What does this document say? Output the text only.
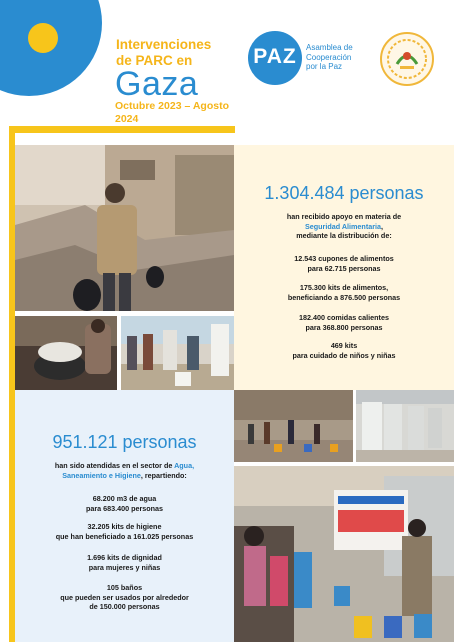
Intervenciones
de PARC en
Gaza
Octubre 2023 – Agosto 2024
PAZ	Asamblea de
Cooperación
por la Paz
1.304.484 personas
han recibido apoyo en materia de
Seguridad Alimentaria,
mediante la distribución de:
12.543 cupones de alimentos
para 62.715 personas
175.300 kits de alimentos,
beneficiando a 876.500 personas
182.400 comidas calientes
para 368.800 personas
469 kits
para cuidado de niños y niñas
951.121 personas
han sido atendidas en el sector de Agua,
Saneamiento e Higiene, repartiendo:
68.200 m3 de agua
para 683.400 personas
32.205 kits de higiene
que han beneficiado a 161.025 personas
1.696 kits de dignidad
para mujeres y niñas
105 baños
que pueden ser usados por alrededor
de 150.000 personas
